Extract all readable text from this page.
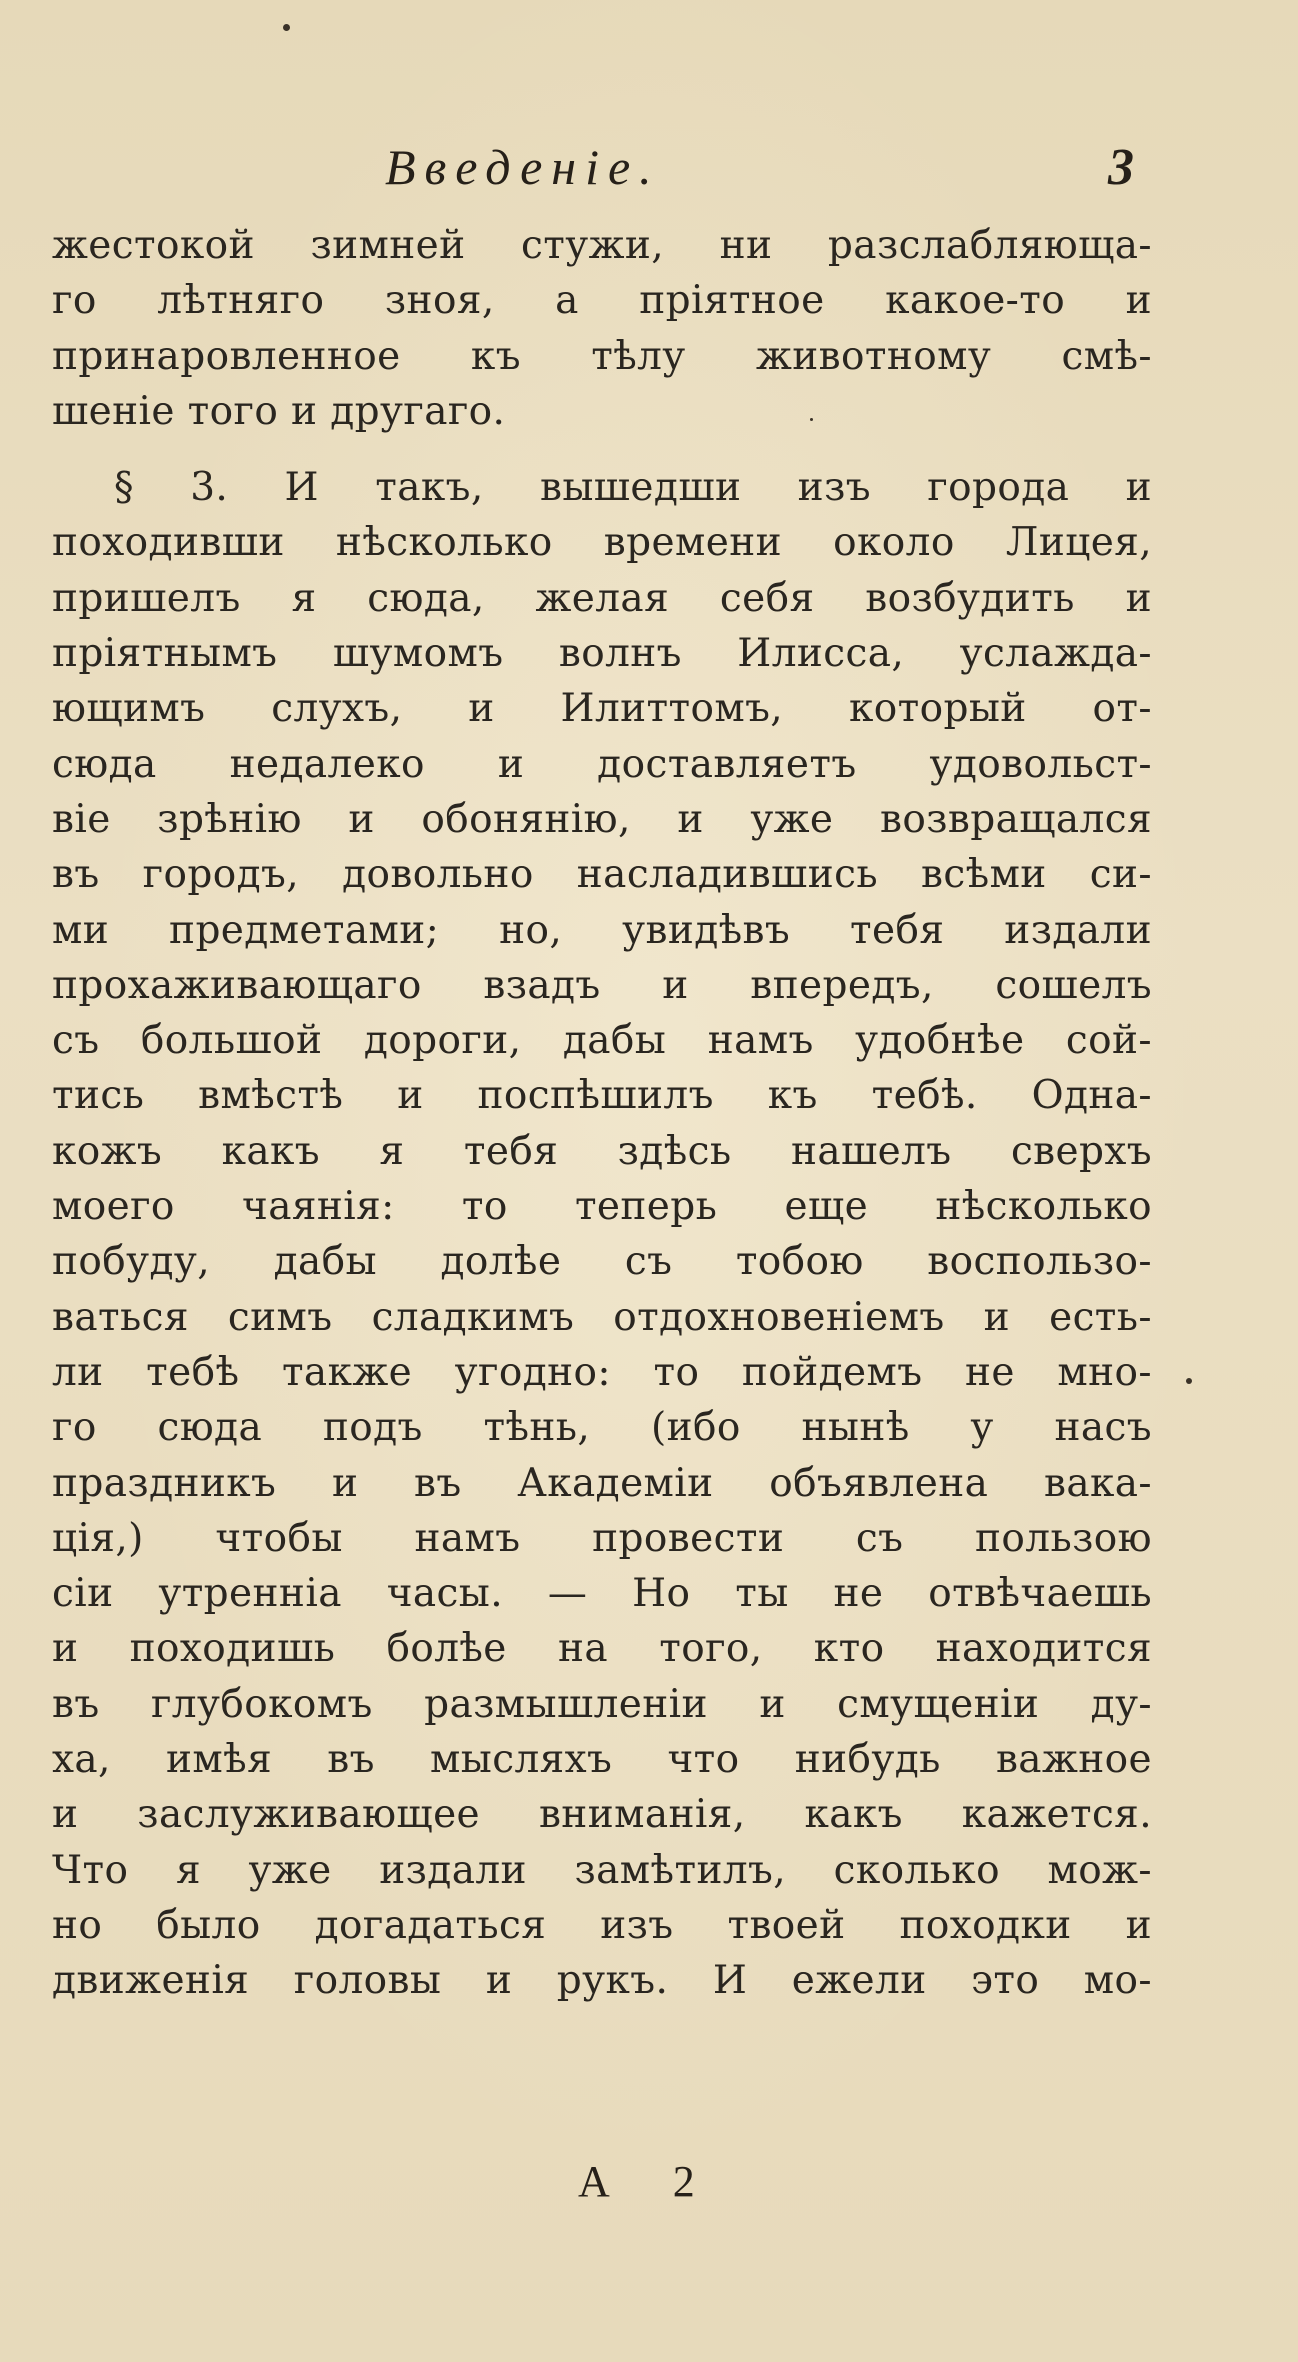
Введеніе.	3
жестокой зимней стужи, ни разслабляюща-
го лѣтняго зноя, а пріятное какое-то и
принаровленное къ тѣлу животному смѣ-
шеніе того и другаго.
§ 3. И такъ, вышедши изъ города и
походивши нѣсколько времени около Лицея,
пришелъ я сюда, желая себя возбудить и
пріятнымъ шумомъ волнъ Илисса, услажда-
ющимъ слухъ, и Илиттомъ, который от-
сюда недалеко и доставляетъ удовольст-
віе зрѣнію и обонянію, и уже возвращался
въ городъ, довольно насладившись всѣми си-
ми предметами; но, увидѣвъ тебя издали
прохаживающаго взадъ и впередъ, сошелъ
съ большой дороги, дабы намъ удобнѣе сой-
тись вмѣстѣ и поспѣшилъ къ тебѣ. Одна-
кожъ какъ я тебя здѣсь нашелъ сверхъ
моего чаянія: то теперь еще нѣсколько
побуду, дабы долѣе съ тобою воспользо-
ваться симъ сладкимъ отдохновеніемъ и есть-
ли тебѣ также угодно: то пойдемъ не мно-
го сюда подъ тѣнь, (ибо нынѣ у насъ
праздникъ и въ Академіи объявлена вака-
ція,) чтобы намъ провести съ пользою
сіи утренніа часы. — Но ты не отвѣчаешь
и походишь болѣе на того, кто находится
въ глубокомъ размышленіи и смущеніи ду-
ха, имѣя въ мысляхъ что нибудь важное
и заслуживающее вниманія, какъ кажется.
Что я уже издали замѣтилъ, сколько мож-
но было догадаться изъ твоей походки и
движенія головы и рукъ. И ежели это мо-
А 2
